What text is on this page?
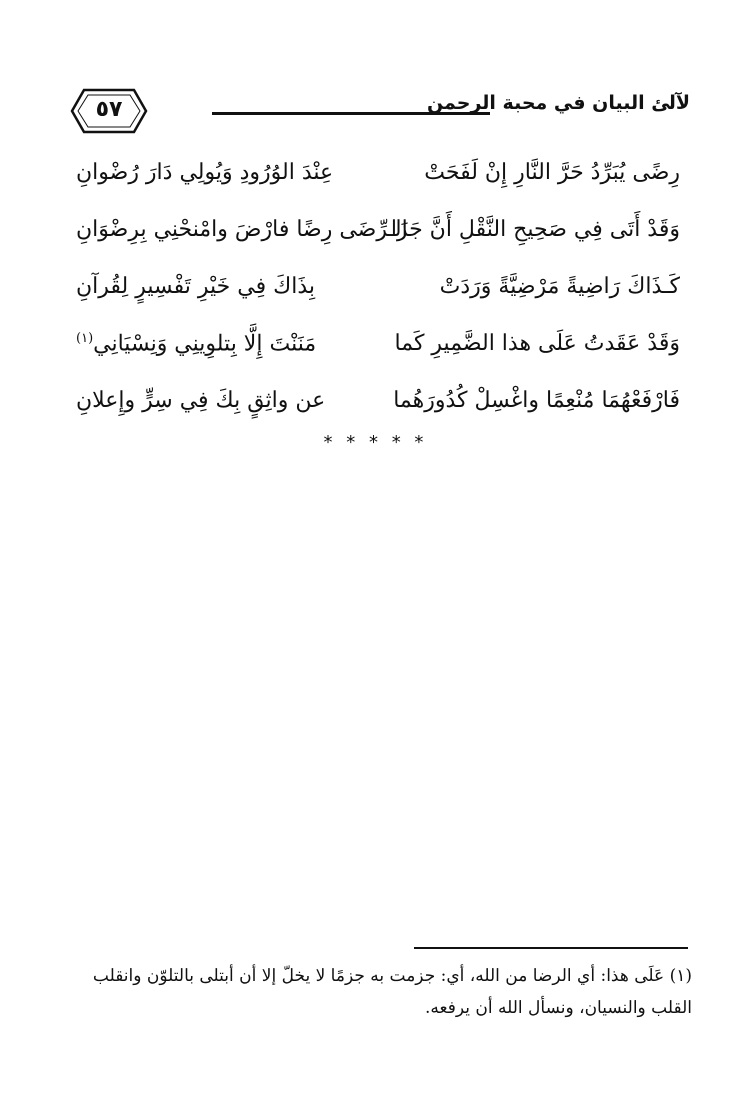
٥٧	لآلئ البيان في محبة الرحمن
رِضًى يُبَرِّدُ حَرَّ النَّارِ إِنْ لَفَحَتْ
عِنْدَ الوُرُودِ وَيُولِي دَارَ رُضْوانِ
وَقَدْ أَتَى فِي صَحِيحِ النَّقْلِ أَنَّ جَزَا
الـرِّضَى رِضًا فارْضَ وامْنحْنِي بِرِضْوَانِ
كَـذَاكَ رَاضِيةً مَرْضِيَّةً وَرَدَتْ
بِذَاكَ فِي خَيْرِ تَفْسِيرٍ لِقُرآنِ
وَقَدْ عَقَدتُ عَلَى هذا الضَّمِيرِ كَما
مَنَنْتَ إِلَّا بِتلوِينِي وَنِسْيَانِي$^{(١)}$
فَارْفَعْهُمَا مُنْعِمًا واغْسِلْ كُدُورَهُما
عن واثِقٍ بِكَ فِي سِرٍّ وإِعلانِ
* * * * *
(١) عَلَى هذا: أي الرضا من الله، أي: جزمت به جزمًا لا يخلّ إلا أن أبتلى بالتلوّن وانقلب القلب والنسيان، ونسأل الله أن يرفعه.
